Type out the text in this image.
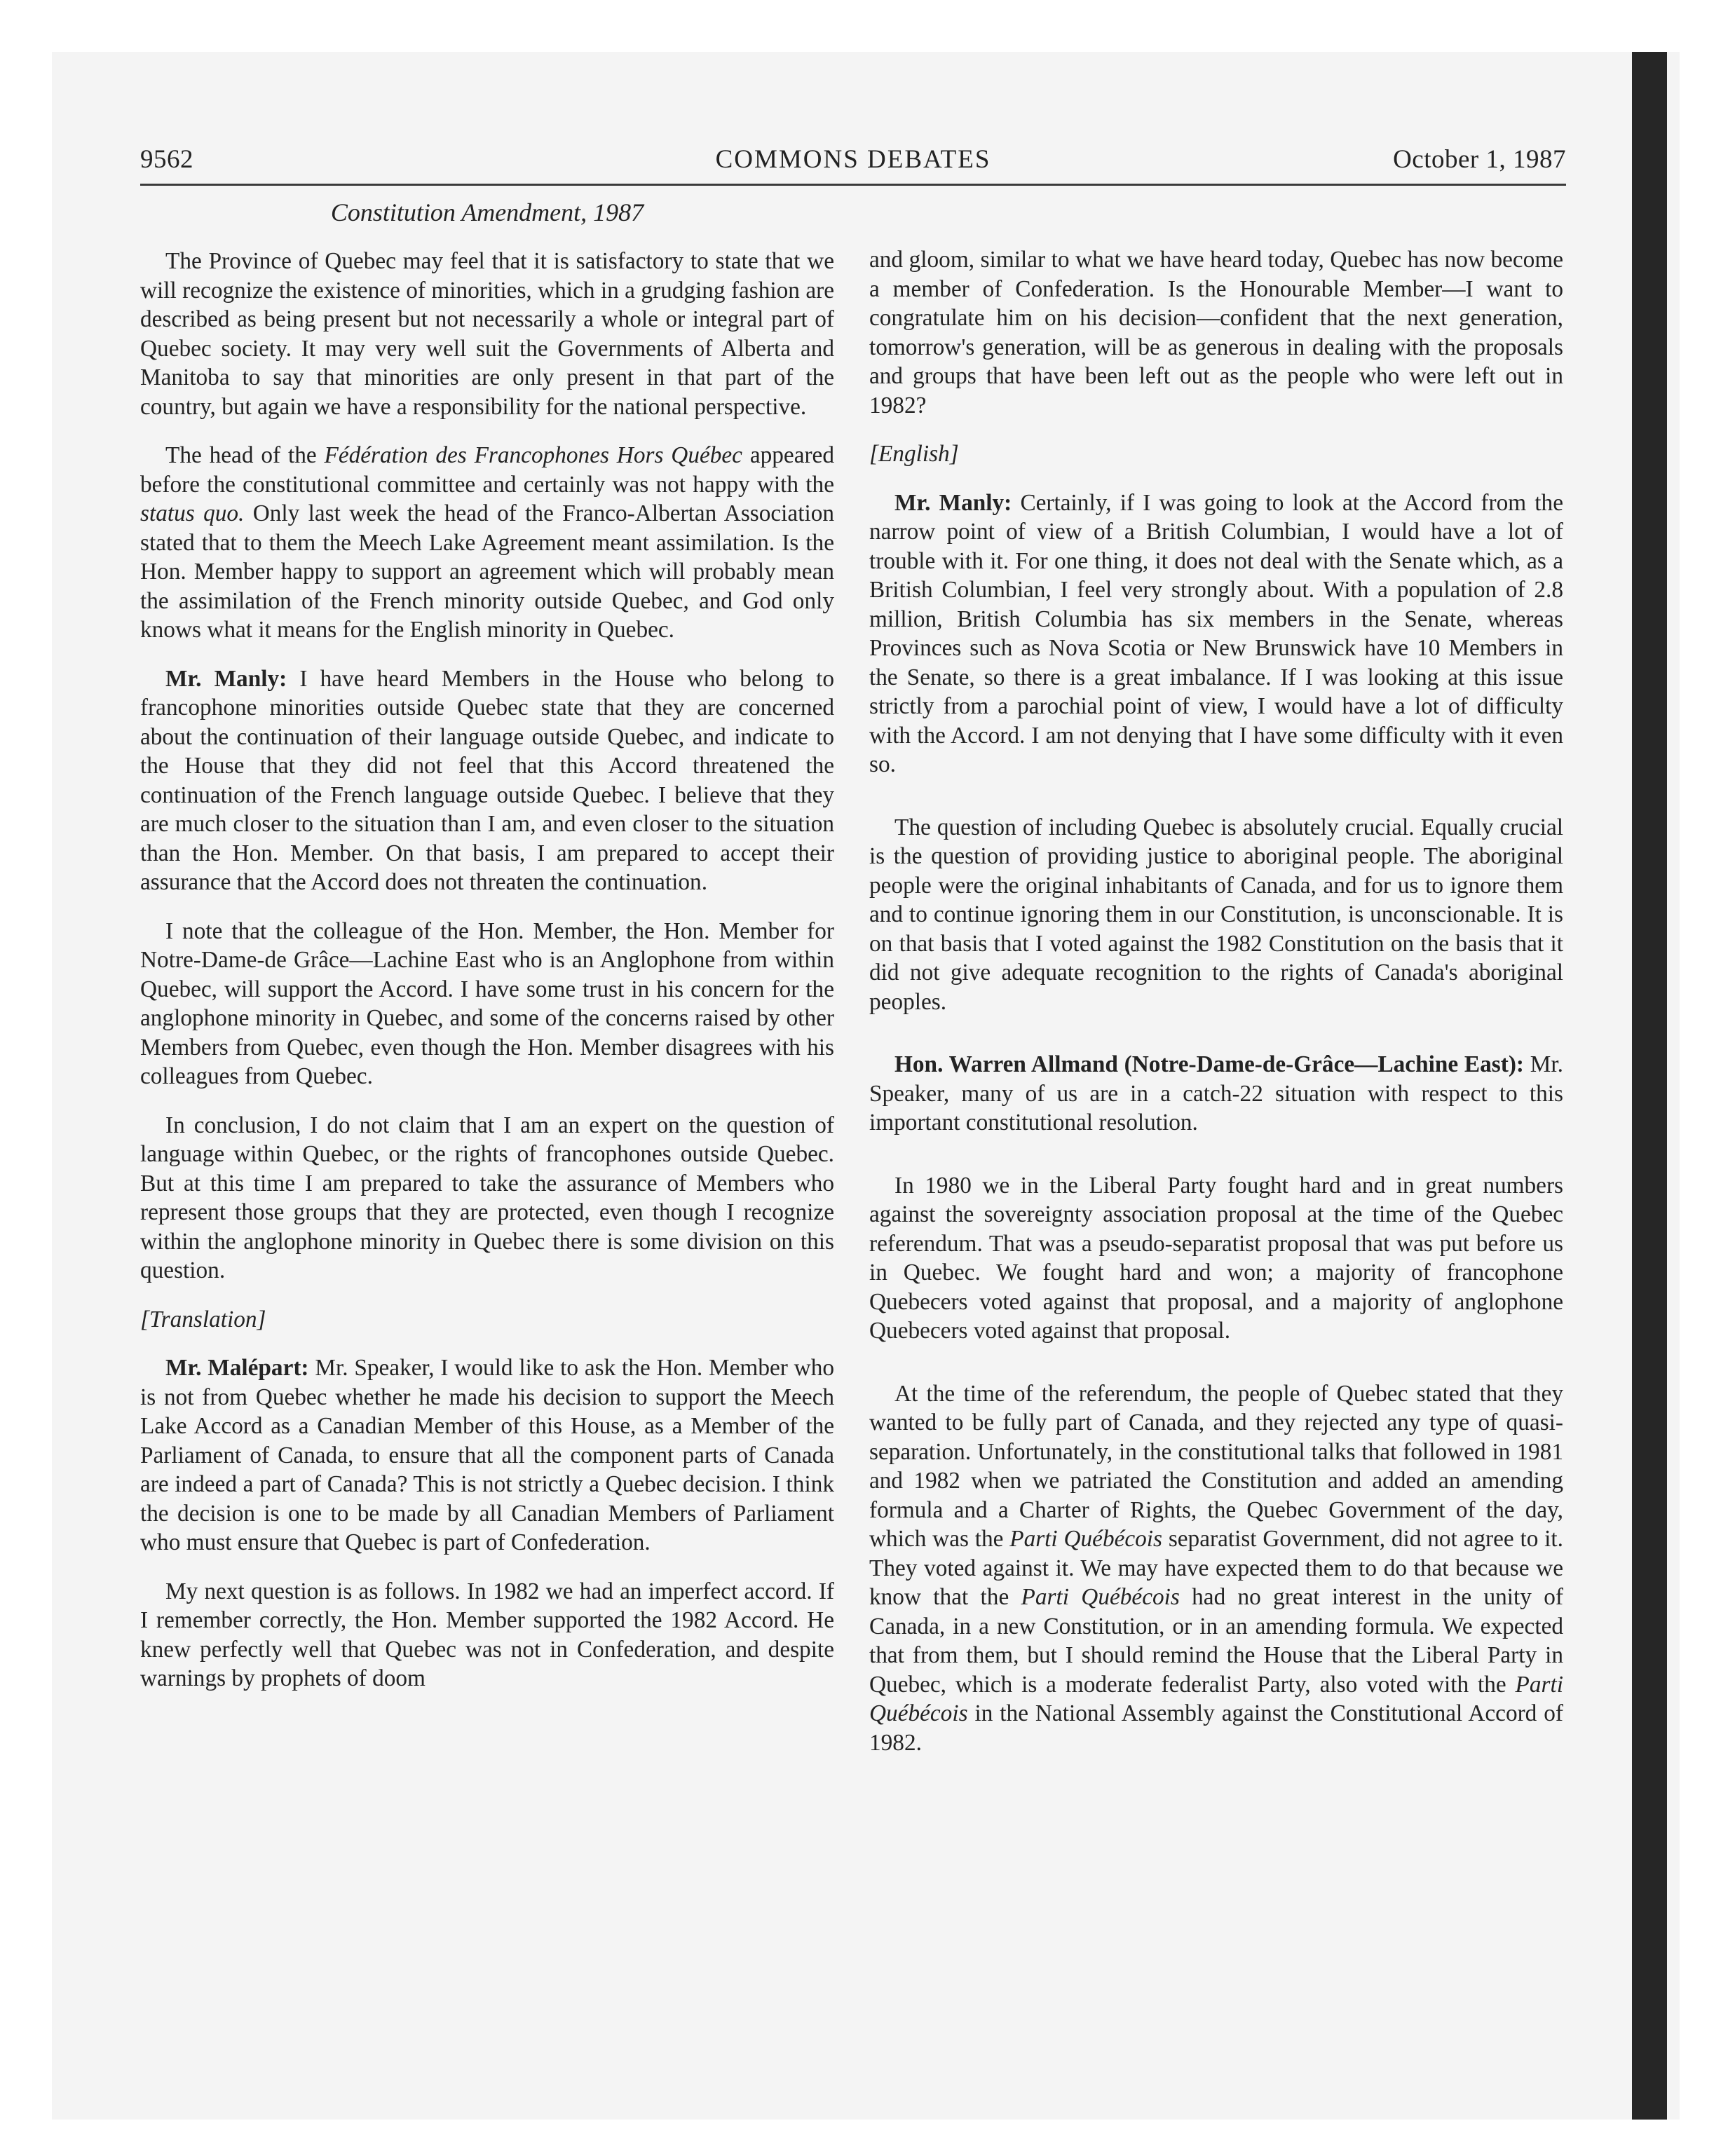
9562	COMMONS DEBATES	October 1, 1987
Constitution Amendment, 1987

The Province of Quebec may feel that it is satisfactory to state that we will recognize the existence of minorities, which in a grudging fashion are described as being present but not necessarily a whole or integral part of Quebec society. It may very well suit the Governments of Alberta and Manitoba to say that minorities are only present in that part of the country, but again we have a responsibility for the national perspective.

The head of the Fédération des Francophones Hors Québec appeared before the constitutional committee and certainly was not happy with the status quo. Only last week the head of the Franco-Albertan Association stated that to them the Meech Lake Agreement meant assimilation. Is the Hon. Member happy to support an agreement which will probably mean the assimilation of the French minority outside Quebec, and God only knows what it means for the English minority in Quebec.

Mr. Manly: I have heard Members in the House who belong to francophone minorities outside Quebec state that they are concerned about the continuation of their language outside Quebec, and indicate to the House that they did not feel that this Accord threatened the continuation of the French language outside Quebec. I believe that they are much closer to the situation than I am, and even closer to the situation than the Hon. Member. On that basis, I am prepared to accept their assurance that the Accord does not threaten the continuation.

I note that the colleague of the Hon. Member, the Hon. Member for Notre-Dame-de Grâce—Lachine East who is an Anglophone from within Quebec, will support the Accord. I have some trust in his concern for the anglophone minority in Quebec, and some of the concerns raised by other Members from Quebec, even though the Hon. Member disagrees with his colleagues from Quebec.

In conclusion, I do not claim that I am an expert on the question of language within Quebec, or the rights of francophones outside Quebec. But at this time I am prepared to take the assurance of Members who represent those groups that they are protected, even though I recognize within the anglophone minority in Quebec there is some division on this question.

[Translation]

Mr. Malépart: Mr. Speaker, I would like to ask the Hon. Member who is not from Quebec whether he made his decision to support the Meech Lake Accord as a Canadian Member of this House, as a Member of the Parliament of Canada, to ensure that all the component parts of Canada are indeed a part of Canada? This is not strictly a Quebec decision. I think the decision is one to be made by all Canadian Members of Parliament who must ensure that Quebec is part of Confederation.

My next question is as follows. In 1982 we had an imperfect accord. If I remember correctly, the Hon. Member supported the 1982 Accord. He knew perfectly well that Quebec was not in Confederation, and despite warnings by prophets of doom

and gloom, similar to what we have heard today, Quebec has now become a member of Confederation. Is the Honourable Member—I want to congratulate him on his decision—confident that the next generation, tomorrow's generation, will be as generous in dealing with the proposals and groups that have been left out as the people who were left out in 1982?

[English]

Mr. Manly: Certainly, if I was going to look at the Accord from the narrow point of view of a British Columbian, I would have a lot of trouble with it. For one thing, it does not deal with the Senate which, as a British Columbian, I feel very strongly about. With a population of 2.8 million, British Columbia has six members in the Senate, whereas Provinces such as Nova Scotia or New Brunswick have 10 Members in the Senate, so there is a great imbalance. If I was looking at this issue strictly from a parochial point of view, I would have a lot of difficulty with the Accord. I am not denying that I have some difficulty with it even so.

The question of including Quebec is absolutely crucial. Equally crucial is the question of providing justice to aboriginal people. The aboriginal people were the original inhabitants of Canada, and for us to ignore them and to continue ignoring them in our Constitution, is unconscionable. It is on that basis that I voted against the 1982 Constitution on the basis that it did not give adequate recognition to the rights of Canada's aboriginal peoples.

Hon. Warren Allmand (Notre-Dame-de-Grâce—Lachine East): Mr. Speaker, many of us are in a catch-22 situation with respect to this important constitutional resolution.

In 1980 we in the Liberal Party fought hard and in great numbers against the sovereignty association proposal at the time of the Quebec referendum. That was a pseudo-separatist proposal that was put before us in Quebec. We fought hard and won; a majority of francophone Quebecers voted against that proposal, and a majority of anglophone Quebecers voted against that proposal.

At the time of the referendum, the people of Quebec stated that they wanted to be fully part of Canada, and they rejected any type of quasi-separation. Unfortunately, in the constitutional talks that followed in 1981 and 1982 when we patriated the Constitution and added an amending formula and a Charter of Rights, the Quebec Government of the day, which was the Parti Québécois separatist Government, did not agree to it. They voted against it. We may have expected them to do that because we know that the Parti Québécois had no great interest in the unity of Canada, in a new Constitution, or in an amending formula. We expected that from them, but I should remind the House that the Liberal Party in Quebec, which is a moderate federalist Party, also voted with the Parti Québécois in the National Assembly against the Constitutional Accord of 1982.
